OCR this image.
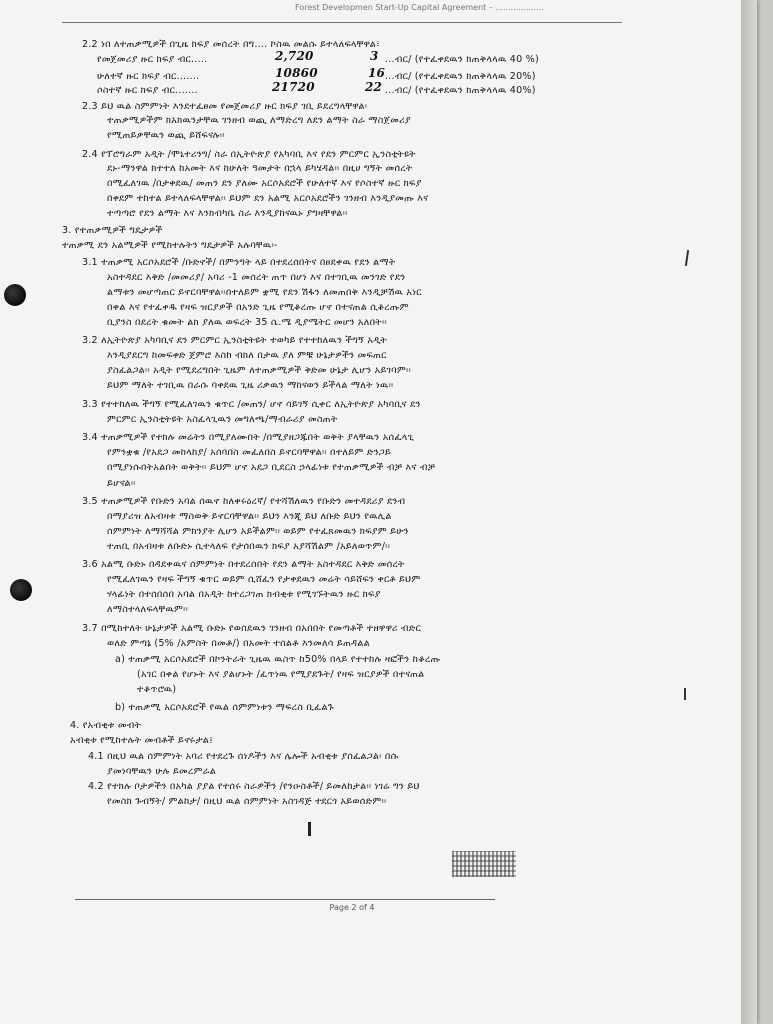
Forest Developmen Start-Up Capital Agreement – ...................
2.2 ነበ ለተጠቃሚዎች በጊዜ ክፍያ መሰረት በግ.... ኮስዉ መልሱ ይተላለፍላቸዋል፣
የመጀመሪያ ዙር ክፍያ ብር.....	2,720	3 ...ብር/ (የተፈቀደዉን ክጠቅላላዉ 40 %)
ሁለተኛ ዙር ክፍያ ብር.......	10860	16 ...ብር/ (የተፈቀደዉን ክጠቅላላዉ 20%)
ሶስተኛ ዙር ክፍያ ብር.......	21720	22 ...ብር/ (የተፈቀደዉን ክጠቅላላዉ 40%)
2.3 ይህ ዉል ስምምነት እንደተፈፀመ የመጀመሪያ ዙር ክፍያ ገቢ ይደረግላቸዋል፡
ተጠቃሚዎችም ክአክዉንታቸዉ ገንዘብ ወጪ ለማድረግ ለደን ልማት ስራ ማስጀመሪያ
የሚጠይቃቸዉን ወጪ ይሸፍናሉ፡፡
2.4 የፕሮግራም አዲት /ሞኒተሪንግ/ ስራ በኢትዮጵያ የአካባቢ እና የደን ምርምር ኢንስቲትዩት
ደኑ-ማንዋል ክተተለ ከአመት እና ከሁለት ዓመታት በኋላ ይካሄዳል፡፡ በዚሀ ግኝት መሰረት
በሚፈለገዉ /በታቀደዉ/ መጠን ደን ያለሙ አርሶአደሮች የሁለተኛ እና የሶስተኛ ዙር ክፍያ
በቀደም ተከተል ይተላለፍላቸዋል፡፡ ይህም ደን አልሚ አርሶአደሮችን ገንዘብ እንዲያመጡ እና
ተጣጣሮ የደን ልማት እና እንክብካቤ ስራ እንዲያከናዉኑ ያግዛቸዋል፡፡
3. የተጠቃሚዎች ግዴታዎች
ተጠቃሚ ደን አልሚዎች የሚከተሉትን ግዴታዎች አሉባቸዉ፡-
3.1 ተጠቃሚ አርሶአደሮች /ቡድኖች/ በምንግት ላይ በተደረሰበትና በፀደቀዉ የደን ልማት
አስተዳደር እቅድ /መመሪያ/ አባሪ -1 መሰረት ጠጥ በሆነ እና በተገቢዉ መንገድ የደን
ልማቱን መሆጣጠር ይኖርባቸዋል፡፡በተለይም ቋሚ የደን ሽፋን ለመጠበቅ እንዲቻሽዉ አነር
በቀል እና የተፈቀዱ የዛፍ ዝርያዎች በአንድ ጊዜ የሚቆረጡ ሆኖ በተናጠል ሲቆረጡም
ቢያንስ በደረት ቁመት ልክ ያለዉ ወፍረት 35 ሴ.ሜ ዲያሜትር መሆን አለበት፡፡
3.2 ለኢትዮጵያ አካባቢና ደን ምርምር ኢንስቲትዩት ተወካይ የተተከለዉን ችግኝ አዲት
እንዲያደርግ ከመፍቀድ ጀምሮ እስከ ብክለ በታዉ ያለ ምቹ ሁኔታዎችን መፍጠር
ያስፈልጋል፡፡ አዲት የሚደረግበት ጊዜም ለተጠቃሚዎች ቅድመ ሁኔታ ሊሆን አይገባም፡፡
ይህም ማለት ተገቢዉ በራሱ ባቀደዉ ጊዜ ሪቃዉን ማከናወን ይችላል ማለት ነዉ፡፡
3.3 የተተከለዉ ችግኝ የሚፈለገዉን ቁጥር /መጠን/ ሆኖ ሳይገኝ ሲቀር ለኢትዮጵያ አካባቢና ደን
ምርምር ኢንስቲትዩት አስፈላጊዉን መግለጫ/ማብራሪያ መስጠት
3.4 ተጠቃሚዎች የተክሉ መሬትን በሚያለሙበት /በሚያዘጋጁበት ወቅት ያላቸዉን አሰፈላጊ
የምንቋቁ /የአደጋ መከላከያ/ አሰባበስ መፈለበስ ይኖርባቸዋል፡፡ በተለይም ድንጋይ
በሚያነሱበትአልበት ወቅት፡፡ ይህም ሆኖ አደጋ ቢደርስ ኃላፊነቱ የተጠቃሚዎች ብቻ እና ብቻ
ይሆናል፡፡
3.5 ተጠቃሚዎች የቡድን አባል ሰዉኖ ከለቀሩዕረኛ/ የተሻሽለዉን የቡድን መተዳደሪያ ደንብ
በማያሪዝ ለአብዛቱ ማስወቅ ይኖርባቸዋል፡፡ ይህን እንጂ ይህ ለቡድ ይህን የዉሊል
ሰምምነት ለማሻሻል ምክንያት ሊሆን አይችልም፡፡ ወይም የተፈጸመዉን ክፍያም ይሁን
ተጠቢ በአብዛቱ ለቡድኑ ሲተላለፍ የታሰበዉን ክፍያ አያሻሽልም /አይለወጥም/፡፡
3.6 አልሚ ቡድኑ በዳደቀዉና ሰምምነት በተደረሰበት የደን ልማት አስተዳደር እቅድ መሰረት
የሚፈለገዉን የዛፍ ችግኝ ቁጥር ወይም ሲሸፈን የታቀደዉን መሬት ሳይሸፍን ቀርቶ ይህም
ሃላፊነት በተሰበሰበ አባል በአዲት ከተረጋገጠ ክብቂቱ የሚገኙትዉን ዙር ክፍያ
ለማስተላለፍላቸዉም፡፡
3.7 በሚከተለት ሁኔታዎች አልሚ ቡድኑ የወሰደዉን ገንዘብ በአበበት የመጣቶች ተዘዋዋሪ ብድር
ወለድ ምጣኔ (5% /አምስት በመቶ/) በአመት ተሰልቶ እንመለሳ ይጠዳልል
a) ተጠቃሚ አርሶአደሮች በኮንትራት ጊዜዉ ዉስጥ ከ50% በላይ የተተከሉ ዛፎችን ከቆረጡ
(አገር በቀል የሆኑት እና ያልሆኑት /ፈጥነዉ የሚያደጉት/ የዛፍ ዝርያዎች በተናጠል
ተቆጥሮዉ)
b) ተጠቃሚ አርሶአደሮች የዉል ሰምምነቱን ማፍረስ ቢፈልጉ
4. የአብቂቱ መብት
አብቂቱ የሚከተሉት መብቶች ይኖሩታል፤
4.1 በዚህ ዉል ሰምምነት አባሪ የተደረጉ ሰነዶችን እና ሌሎች አብቂቱ ያሰፈልጋል፡ በሱ
ያመነባቸዉን ሁሉ ይመረምራል
4.2 የተክሉ ቦታዎችን በአካል ያያል የተሰሩ ስራዎችን /የንዑስቶች/ ይመለከታል፡፡ ነገሬ ግን ይህ
የመስክ ጉብኝት/ ምልከታ/ በዚህ ዉል ሰምምነት አስገዳጅ ተደርጎ አይወሰድም፡፡
Page 2 of 4
